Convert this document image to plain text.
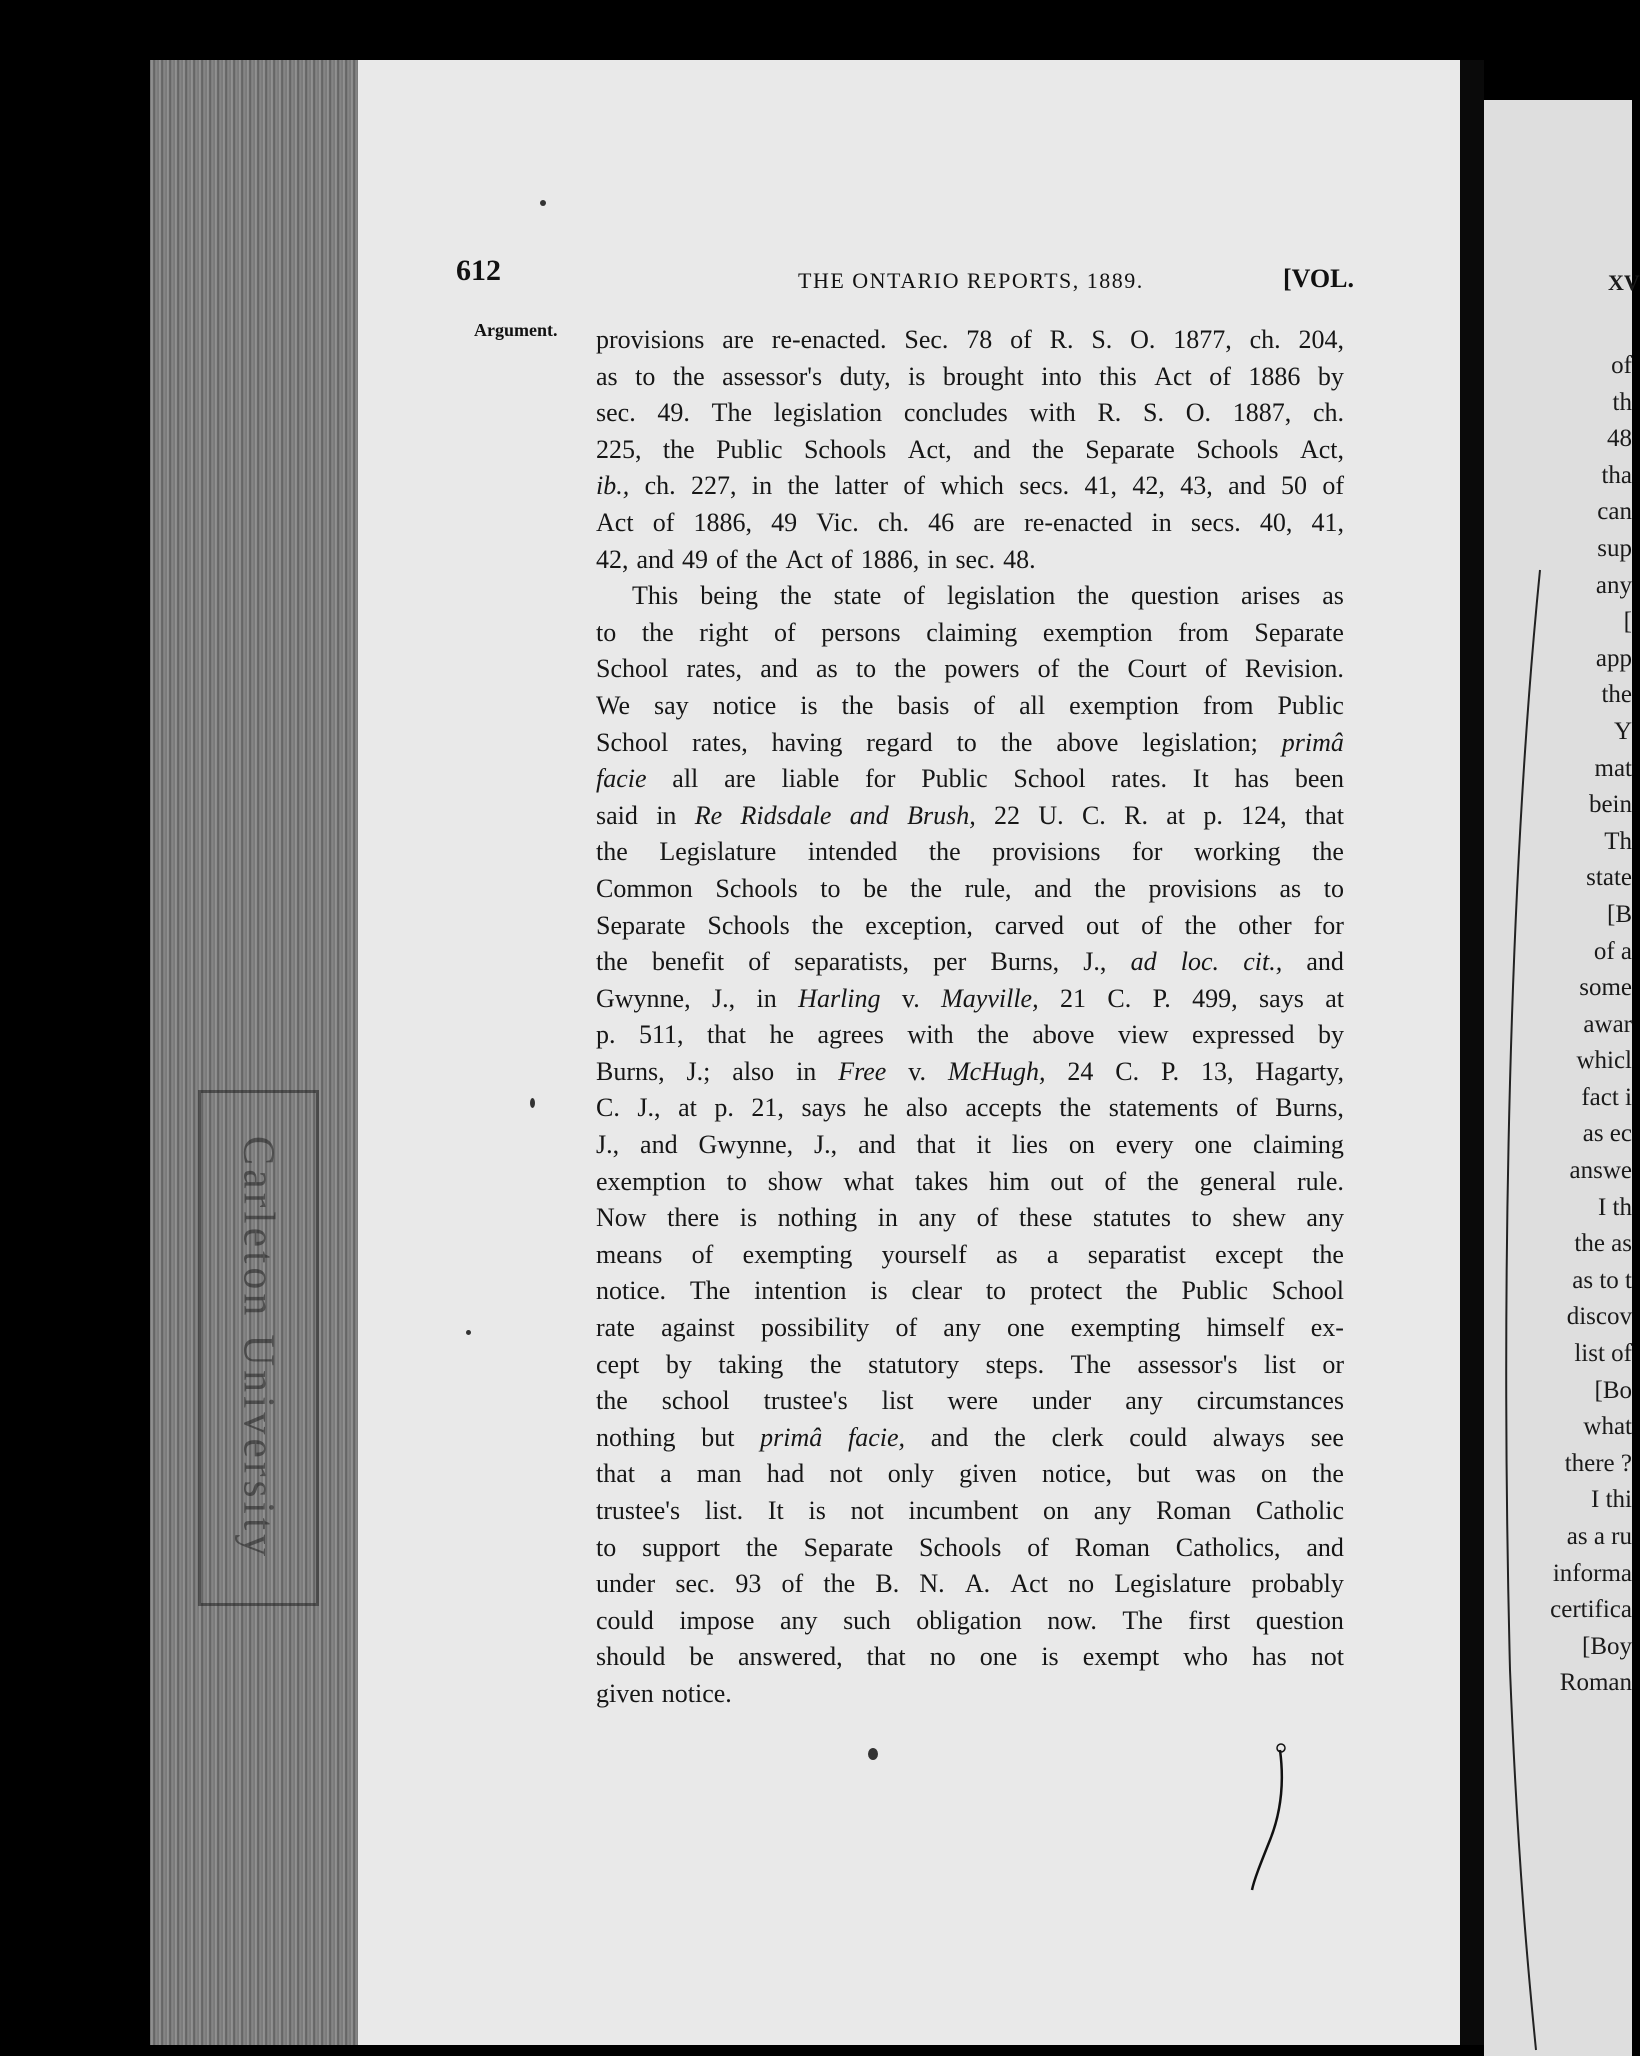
Carleton University
XV
of
th
48
tha
can
sup
any
[
app
the
Y
mat
bein
Th
state
[B
of a
some
awar
whicl
fact i
as ec
answe
I th
the as
as to t
discov
list of
[Bo
what
there ?
I thi
as a ru
informa
certifica
[Boy
Roman
612	THE ONTARIO REPORTS, 1889.	[VOL.
Argument. provisions are re-enacted. Sec. 78 of R. S. O. 1877, ch. 204,
as to the assessor's duty, is brought into this Act of 1886 by
sec. 49. The legislation concludes with R. S. O. 1887, ch.
225, the Public Schools Act, and the Separate Schools Act,
ib., ch. 227, in the latter of which secs. 41, 42, 43, and 50 of
Act of 1886, 49 Vic. ch. 46 are re-enacted in secs. 40, 41,
42, and 49 of the Act of 1886, in sec. 48.
This being the state of legislation the question arises as
to the right of persons claiming exemption from Separate
School rates, and as to the powers of the Court of Revision.
We say notice is the basis of all exemption from Public
School rates, having regard to the above legislation; primâ
facie all are liable for Public School rates. It has been
said in Re Ridsdale and Brush, 22 U. C. R. at p. 124, that
the Legislature intended the provisions for working the
Common Schools to be the rule, and the provisions as to
Separate Schools the exception, carved out of the other for
the benefit of separatists, per Burns, J., ad loc. cit., and
Gwynne, J., in Harling v. Mayville, 21 C. P. 499, says at
p. 511, that he agrees with the above view expressed by
Burns, J.; also in Free v. McHugh, 24 C. P. 13, Hagarty,
C. J., at p. 21, says he also accepts the statements of Burns,
J., and Gwynne, J., and that it lies on every one claiming
exemption to show what takes him out of the general rule.
Now there is nothing in any of these statutes to shew any
means of exempting yourself as a separatist except the
notice. The intention is clear to protect the Public School
rate against possibility of any one exempting himself ex-
cept by taking the statutory steps. The assessor's list or
the school trustee's list were under any circumstances
nothing but primâ facie, and the clerk could always see
that a man had not only given notice, but was on the
trustee's list. It is not incumbent on any Roman Catholic
to support the Separate Schools of Roman Catholics, and
under sec. 93 of the B. N. A. Act no Legislature probably
could impose any such obligation now. The first question
should be answered, that no one is exempt who has not
given notice.
